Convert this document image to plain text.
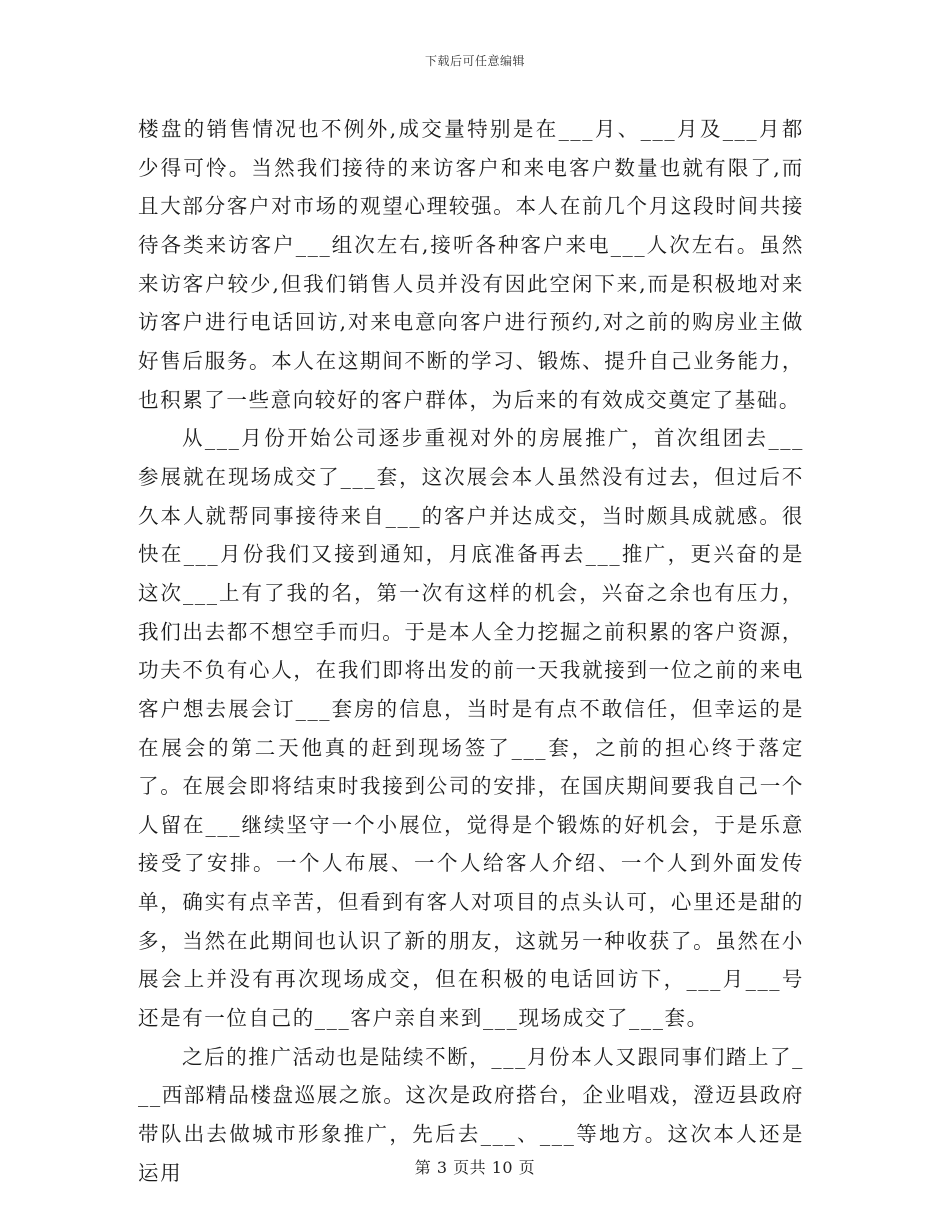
下载后可任意编辑

楼盘的销售情况也不例外,成交量特别是在___月、___月及___月都少得可怜。当然我们接待的来访客户和来电客户数量也就有限了,而且大部分客户对市场的观望心理较强。本人在前几个月这段时间共接待各类来访客户___组次左右,接听各种客户来电___人次左右。虽然来访客户较少,但我们销售人员并没有因此空闲下来,而是积极地对来访客户进行电话回访,对来电意向客户进行预约,对之前的购房业主做好售后服务。本人在这期间不断的学习、锻炼、提升自己业务能力，也积累了一些意向较好的客户群体，为后来的有效成交奠定了基础。

从___月份开始公司逐步重视对外的房展推广，首次组团去___参展就在现场成交了___套，这次展会本人虽然没有过去，但过后不久本人就帮同事接待来自___的客户并达成交，当时颇具成就感。很快在___月份我们又接到通知，月底准备再去___推广，更兴奋的是这次___上有了我的名，第一次有这样的机会，兴奋之余也有压力，我们出去都不想空手而归。于是本人全力挖掘之前积累的客户资源，功夫不负有心人，在我们即将出发的前一天我就接到一位之前的来电客户想去展会订___套房的信息，当时是有点不敢信任，但幸运的是在展会的第二天他真的赶到现场签了___套，之前的担心终于落定了。在展会即将结束时我接到公司的安排，在国庆期间要我自己一个人留在___继续坚守一个小展位，觉得是个锻炼的好机会，于是乐意接受了安排。一个人布展、一个人给客人介绍、一个人到外面发传单，确实有点辛苦，但看到有客人对项目的点头认可，心里还是甜的多，当然在此期间也认识了新的朋友，这就另一种收获了。虽然在小展会上并没有再次现场成交，但在积极的电话回访下，___月___号还是有一位自己的___客户亲自来到___现场成交了___套。

之后的推广活动也是陆续不断，___月份本人又跟同事们踏上了___西部精品楼盘巡展之旅。这次是政府搭台，企业唱戏，澄迈县政府带队出去做城市形象推广，先后去___、___等地方。这次本人还是运用	第 3 页共 10 页
